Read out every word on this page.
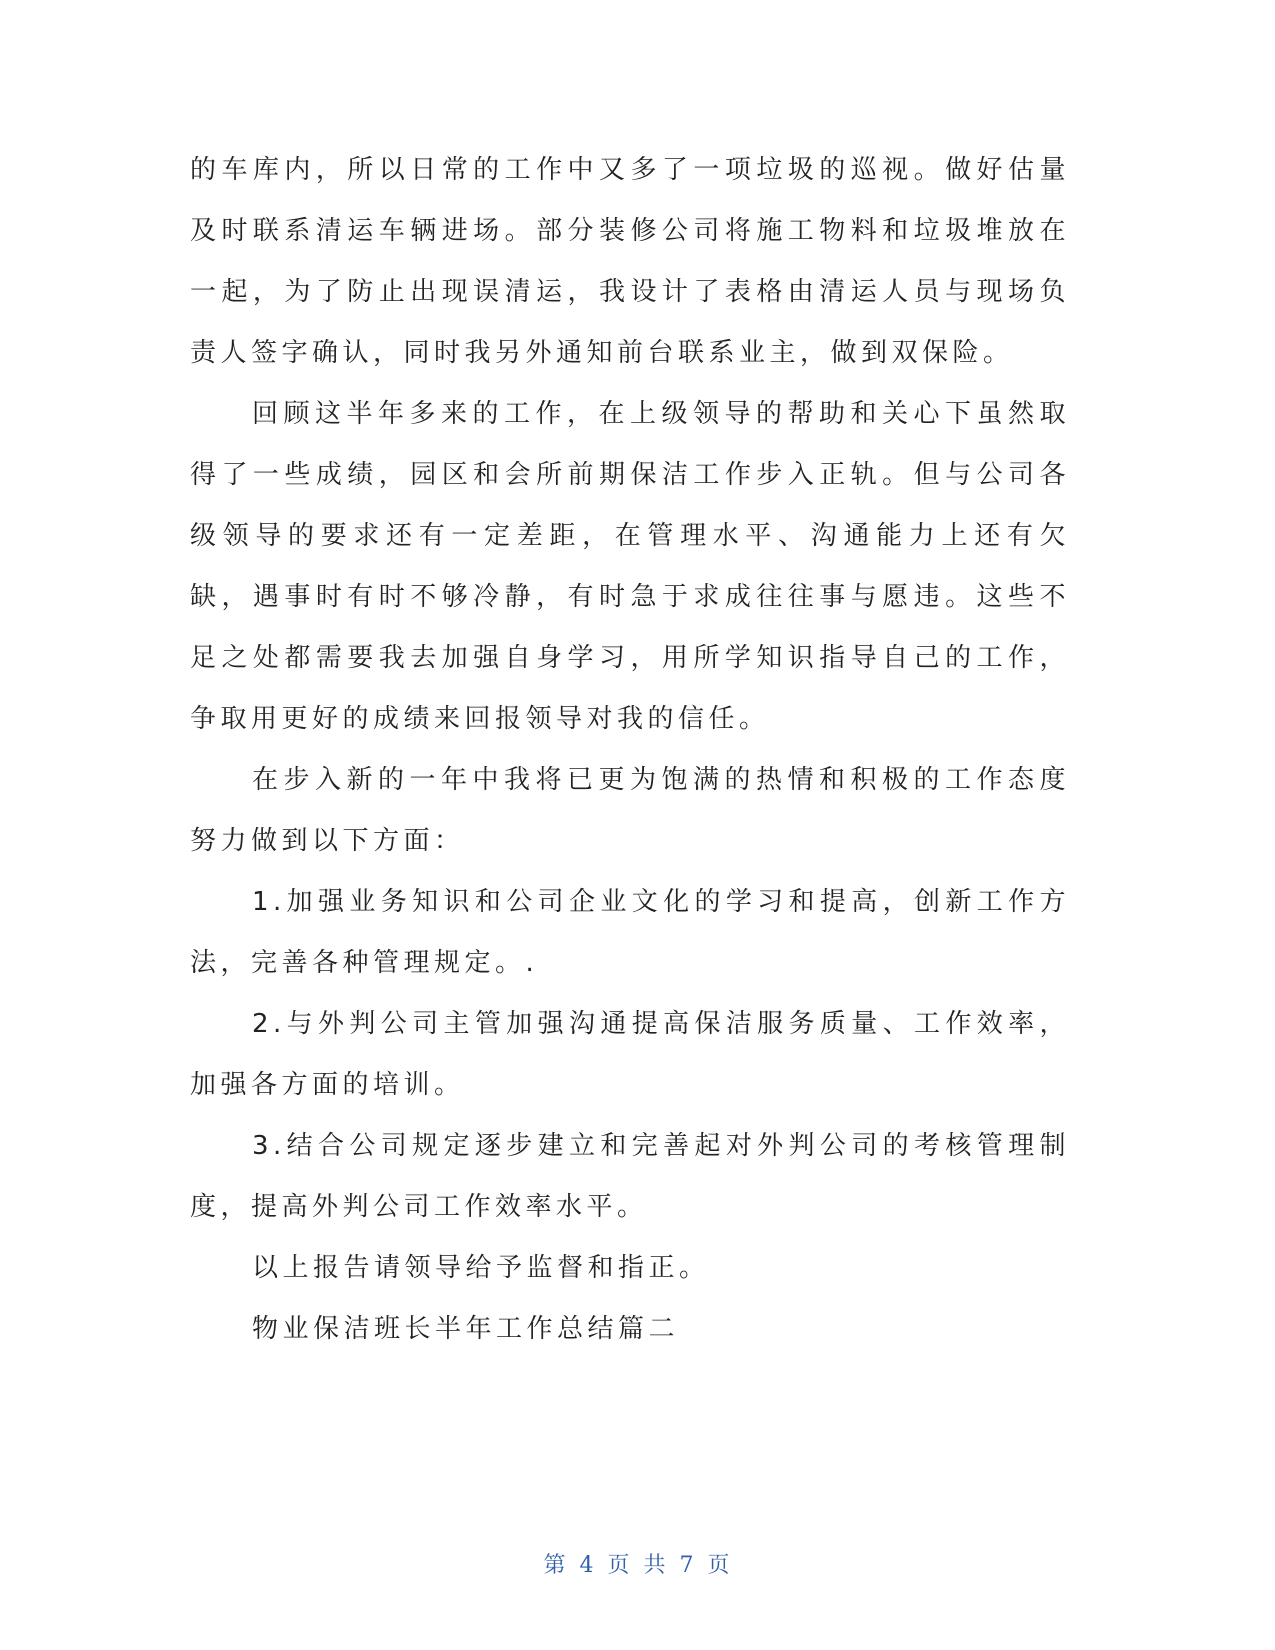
的车库内，所以日常的工作中又多了一项垃圾的巡视。做好估量及时联系清运车辆进场。部分装修公司将施工物料和垃圾堆放在一起，为了防止出现误清运，我设计了表格由清运人员与现场负责人签字确认，同时我另外通知前台联系业主，做到双保险。

回顾这半年多来的工作，在上级领导的帮助和关心下虽然取得了一些成绩，园区和会所前期保洁工作步入正轨。但与公司各级领导的要求还有一定差距，在管理水平、沟通能力上还有欠缺，遇事时有时不够冷静，有时急于求成往往事与愿违。这些不足之处都需要我去加强自身学习，用所学知识指导自己的工作，争取用更好的成绩来回报领导对我的信任。

在步入新的一年中我将已更为饱满的热情和积极的工作态度努力做到以下方面：

1.加强业务知识和公司企业文化的学习和提高，创新工作方法，完善各种管理规定。.

2.与外判公司主管加强沟通提高保洁服务质量、工作效率，加强各方面的培训。

3.结合公司规定逐步建立和完善起对外判公司的考核管理制度，提高外判公司工作效率水平。

以上报告请领导给予监督和指正。

物业保洁班长半年工作总结篇二

第 4 页 共 7 页
